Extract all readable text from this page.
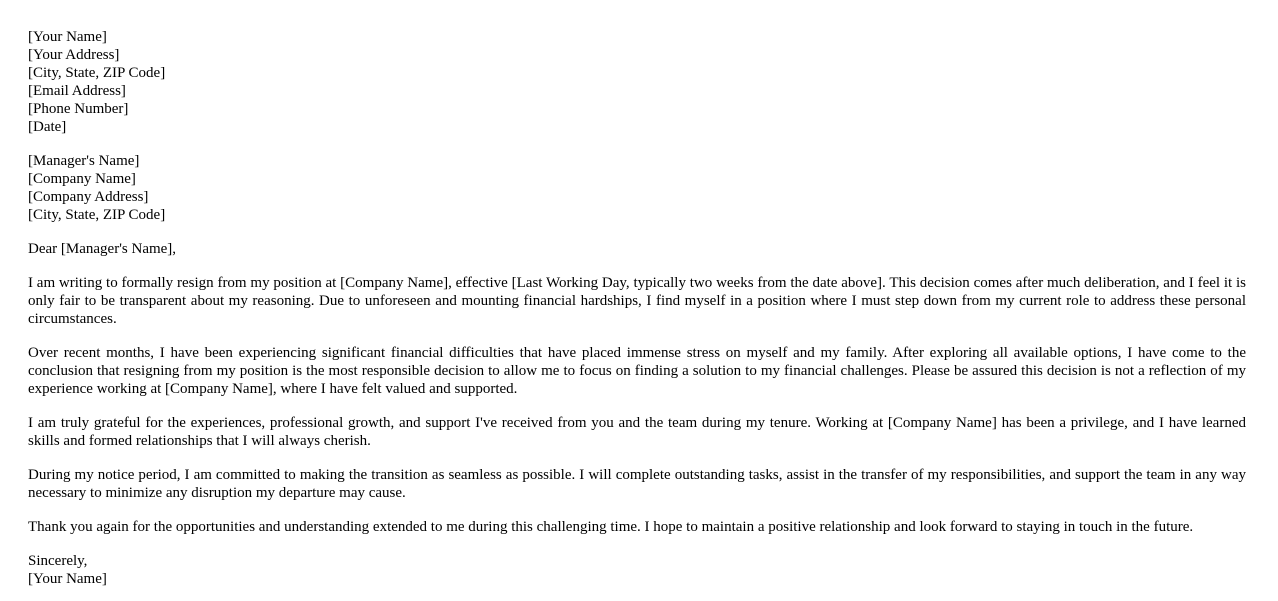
[Your Name]
[Your Address]
[City, State, ZIP Code]
[Email Address]
[Phone Number]
[Date]
[Manager's Name]
[Company Name]
[Company Address]
[City, State, ZIP Code]

Dear [Manager's Name],

I am writing to formally resign from my position at [Company Name], effective [Last Working Day, typically two weeks from the date above]. This decision comes after much deliberation, and I feel it is only fair to be transparent about my reasoning. Due to unforeseen and mounting financial hardships, I find myself in a position where I must step down from my current role to address these personal circumstances.

Over recent months, I have been experiencing significant financial difficulties that have placed immense stress on myself and my family. After exploring all available options, I have come to the conclusion that resigning from my position is the most responsible decision to allow me to focus on finding a solution to my financial challenges. Please be assured this decision is not a reflection of my experience working at [Company Name], where I have felt valued and supported.

I am truly grateful for the experiences, professional growth, and support I've received from you and the team during my tenure. Working at [Company Name] has been a privilege, and I have learned skills and formed relationships that I will always cherish.

During my notice period, I am committed to making the transition as seamless as possible. I will complete outstanding tasks, assist in the transfer of my responsibilities, and support the team in any way necessary to minimize any disruption my departure may cause.

Thank you again for the opportunities and understanding extended to me during this challenging time. I hope to maintain a positive relationship and look forward to staying in touch in the future.

Sincerely,
[Your Name]
